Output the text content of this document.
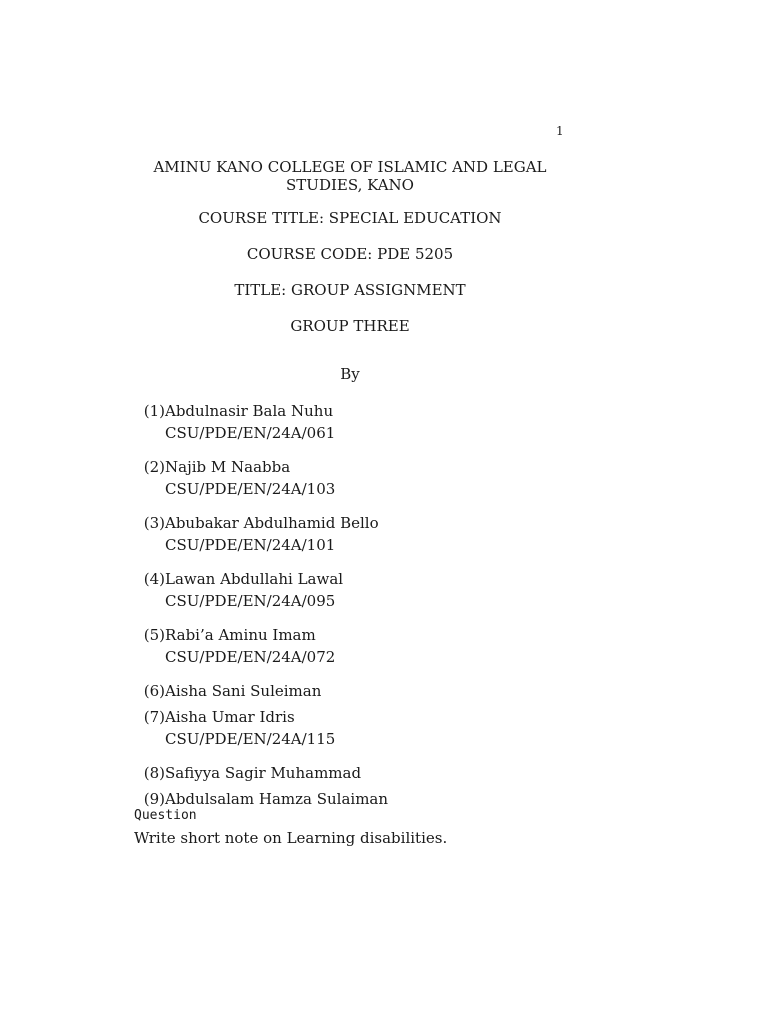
1
AMINU KANO COLLEGE OF ISLAMIC AND LEGAL
STUDIES, KANO
COURSE TITLE: SPECIAL EDUCATION
COURSE CODE: PDE 5205
TITLE: GROUP ASSIGNMENT
GROUP THREE
By
(1) Abdulnasir Bala Nuhu
CSU/PDE/EN/24A/061
(2) Najib M Naabba
CSU/PDE/EN/24A/103
(3) Abubakar Abdulhamid Bello
CSU/PDE/EN/24A/101
(4) Lawan Abdullahi Lawal
CSU/PDE/EN/24A/095
(5) Rabi’a Aminu Imam
CSU/PDE/EN/24A/072
(6) Aisha Sani Suleiman
(7) Aisha Umar Idris
CSU/PDE/EN/24A/115
(8) Safiyya Sagir Muhammad
(9) Abdulsalam Hamza Sulaiman
Question
Write short note on Learning disabilities.
